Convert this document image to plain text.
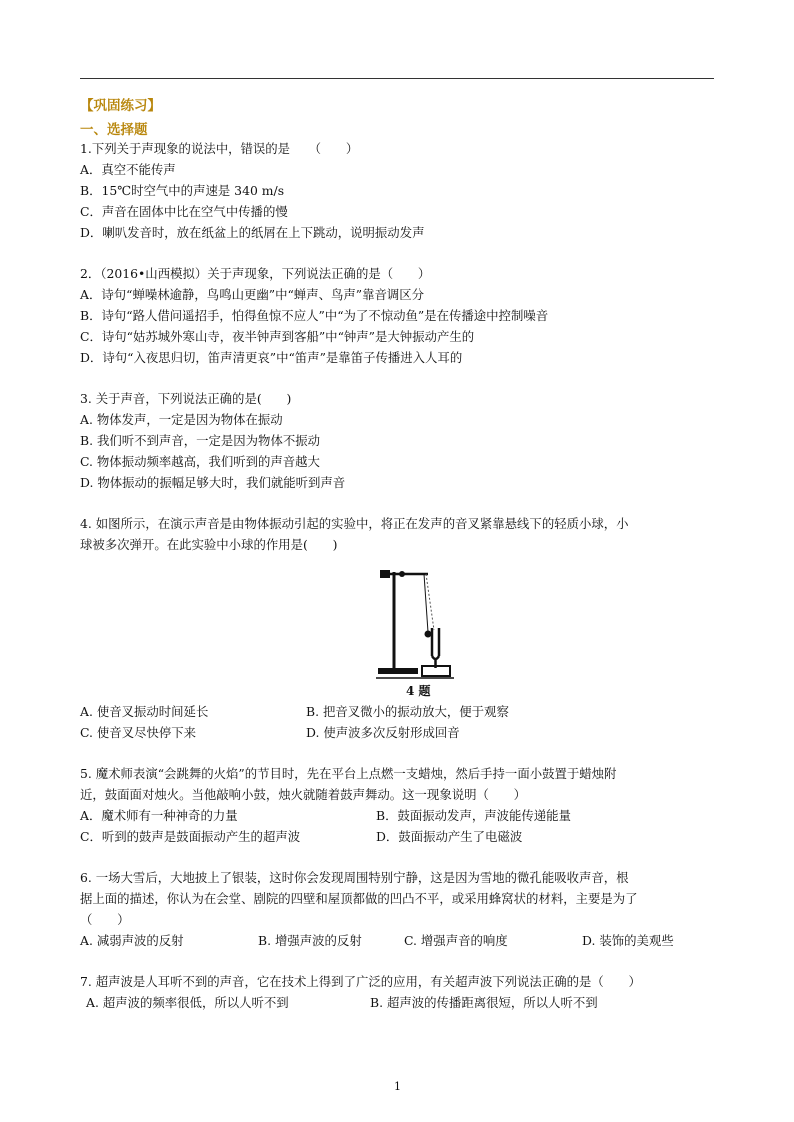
【巩固练习】
一、选择题
1.下列关于声现象的说法中，错误的是　　（　　）
A．真空不能传声
B．15℃时空气中的声速是 340 m/s
C．声音在固体中比在空气中传播的慢
D．喇叭发音时，放在纸盆上的纸屑在上下跳动，说明振动发声
2．（2016•山西模拟）关于声现象，下列说法正确的是（　　）
A．诗句“蝉噪林逾静，鸟鸣山更幽”中“蝉声、鸟声”靠音调区分
B．诗句“路人借问遥招手，怕得鱼惊不应人”中“为了不惊动鱼”是在传播途中控制噪音
C．诗句“姑苏城外寒山寺，夜半钟声到客船”中“钟声”是大钟振动产生的
D．诗句“入夜思归切，笛声清更哀”中“笛声”是靠笛子传播进入人耳的
3. 关于声音，下列说法正确的是(　　)
A. 物体发声，一定是因为物体在振动
B. 我们听不到声音，一定是因为物体不振动
C. 物体振动频率越高，我们听到的声音越大
D. 物体振动的振幅足够大时，我们就能听到声音
4. 如图所示，在演示声音是由物体振动引起的实验中，将正在发声的音叉紧靠悬线下的轻质小球，小
球被多次弹开。在此实验中小球的作用是(　　)
4 题
A. 使音叉振动时间延长	B. 把音叉微小的振动放大，便于观察
C. 使音叉尽快停下来	D. 使声波多次反射形成回音
5. 魔术师表演“会跳舞的火焰”的节目时，先在平台上点燃一支蜡烛，然后手持一面小鼓置于蜡烛附
近，鼓面面对烛火。当他敲响小鼓，烛火就随着鼓声舞动。这一现象说明（　　）
A．魔术师有一种神奇的力量	B．鼓面振动发声，声波能传递能量
C．听到的鼓声是鼓面振动产生的超声波	D．鼓面振动产生了电磁波
6. 一场大雪后，大地披上了银装，这时你会发现周围特别宁静，这是因为雪地的微孔能吸收声音，根
据上面的描述，你认为在会堂、剧院的四壁和屋顶都做的凹凸不平，或采用蜂窝状的材料，主要是为了
（　　）
A. 减弱声波的反射	B. 增强声波的反射	C. 增强声音的响度	D. 装饰的美观些
7. 超声波是人耳听不到的声音，它在技术上得到了广泛的应用，有关超声波下列说法正确的是（　　）
A. 超声波的频率很低，所以人听不到	B. 超声波的传播距离很短，所以人听不到
1
